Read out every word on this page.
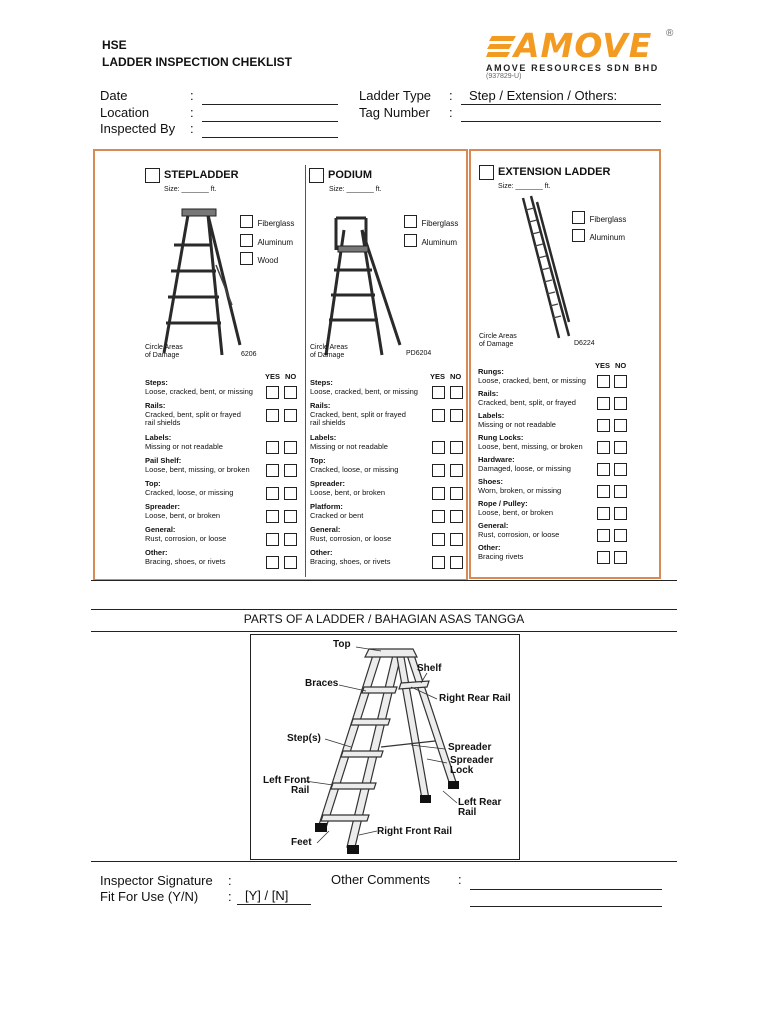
HSE
LADDER INSPECTION CHEKLIST	AMOVE ®
AMOVE RESOURCES SDN BHD
(937829-U)
Date	:
Location	:
Inspected By :
Ladder Type : Step / Extension / Others:
Tag Number :
STEPLADDER
Size: _______ ft.
Fiberglass
Aluminum
Wood
Circle Areas
of Damage	6206
YES NO
Steps:
Loose, cracked, bent, or missing
Rails:
Cracked, bent, split or frayed
rail shields
Labels:
Missing or not readable
Pail Shelf:
Loose, bent, missing, or broken
Top:
Cracked, loose, or missing
Spreader:
Loose, bent, or broken
General:
Rust, corrosion, or loose
Other:
Bracing, shoes, or rivets
PODIUM
Size: _______ ft.
Fiberglass
Aluminum
Circle Areas
of Damage	PD6204
YES NO
Steps:
Loose, cracked, bent, or missing
Rails:
Cracked, bent, split or frayed
rail shields
Labels:
Missing or not readable
Top:
Cracked, loose, or missing
Spreader:
Loose, bent, or broken
Platform:
Cracked or bent
General:
Rust, corrosion, or loose
Other:
Bracing, shoes, or rivets
EXTENSION LADDER
Size: _______ ft.
Fiberglass
Aluminum
Circle Areas
of Damage	D6224
YES NO
Rungs:
Loose, cracked, bent, or missing
Rails:
Cracked, bent, split, or frayed
Labels:
Missing or not readable
Rung Locks:
Loose, bent, missing, or broken
Hardware:
Damaged, loose, or missing
Shoes:
Worn, broken, or missing
Rope / Pulley:
Loose, bent, or broken
General:
Rust, corrosion, or loose
Other:
Bracing rivets
PARTS OF A LADDER / BAHAGIAN ASAS TANGGA
Top
Shelf
Braces
Right Rear Rail
Step(s)
Spreader
Spreader
Lock
Left Front
Rail
Left Rear
Rail
Right Front Rail
Feet
Inspector Signature :
Fit For Use (Y/N) : [Y] / [N]
Other Comments :
